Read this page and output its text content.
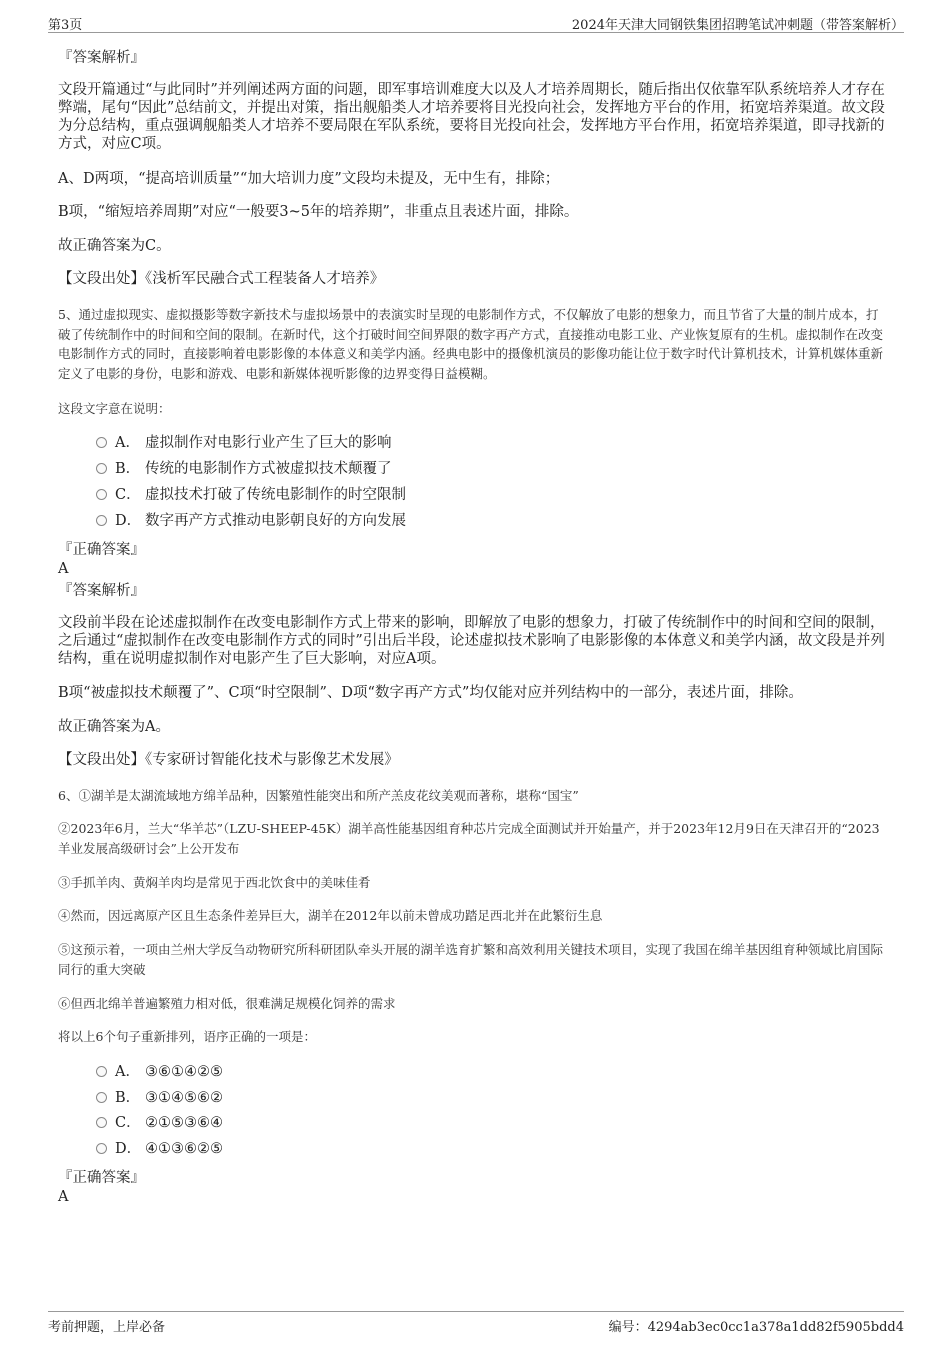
第3页	2024年天津大同钢铁集团招聘笔试冲刺题（带答案解析）
『答案解析』
文段开篇通过“与此同时”并列阐述两方面的问题，即军事培训难度大以及人才培养周期长，随后指出仅依靠军队系统培养人才存在弊端，尾句“因此”总结前文，并提出对策，指出舰船类人才培养要将目光投向社会，发挥地方平台的作用，拓宽培养渠道。故文段为分总结构，重点强调舰船类人才培养不要局限在军队系统，要将目光投向社会，发挥地方平台作用，拓宽培养渠道，即寻找新的方式，对应C项。
A、D两项，“提高培训质量”“加大培训力度”文段均未提及，无中生有，排除；
B项，“缩短培养周期”对应“一般要3~5年的培养期”，非重点且表述片面，排除。
故正确答案为C。
【文段出处】《浅析军民融合式工程装备人才培养》
5、通过虚拟现实、虚拟摄影等数字新技术与虚拟场景中的表演实时呈现的电影制作方式，不仅解放了电影的想象力，而且节省了大量的制片成本，打破了传统制作中的时间和空间的限制。在新时代，这个打破时间空间界限的数字再产方式，直接推动电影工业、产业恢复原有的生机。虚拟制作在改变电影制作方式的同时，直接影响着电影影像的本体意义和美学内涵。经典电影中的摄像机演员的影像功能让位于数字时代计算机技术，计算机媒体重新定义了电影的身份，电影和游戏、电影和新媒体视听影像的边界变得日益模糊。
这段文字意在说明：
A． 虚拟制作对电影行业产生了巨大的影响
B． 传统的电影制作方式被虚拟技术颠覆了
C． 虚拟技术打破了传统电影制作的时空限制
D． 数字再产方式推动电影朝良好的方向发展
『正确答案』
A
『答案解析』
文段前半段在论述虚拟制作在改变电影制作方式上带来的影响，即解放了电影的想象力，打破了传统制作中的时间和空间的限制，之后通过“虚拟制作在改变电影制作方式的同时”引出后半段，论述虚拟技术影响了电影影像的本体意义和美学内涵，故文段是并列结构，重在说明虚拟制作对电影产生了巨大影响，对应A项。
B项“被虚拟技术颠覆了”、C项“时空限制”、D项“数字再产方式”均仅能对应并列结构中的一部分，表述片面，排除。
故正确答案为A。
【文段出处】《专家研讨智能化技术与影像艺术发展》
6、①湖羊是太湖流域地方绵羊品种，因繁殖性能突出和所产羔皮花纹美观而著称，堪称“国宝”
②2023年6月，兰大“华羊芯”（LZU-SHEEP-45K）湖羊高性能基因组育种芯片完成全面测试并开始量产，并于2023年12月9日在天津召开的“2023羊业发展高级研讨会”上公开发布
③手抓羊肉、黄焖羊肉均是常见于西北饮食中的美味佳肴
④然而，因远离原产区且生态条件差异巨大，湖羊在2012年以前未曾成功踏足西北并在此繁衍生息
⑤这预示着，一项由兰州大学反刍动物研究所科研团队牵头开展的湖羊选育扩繁和高效利用关键技术项目，实现了我国在绵羊基因组育种领域比肩国际同行的重大突破
⑥但西北绵羊普遍繁殖力相对低，很难满足规模化饲养的需求
将以上6个句子重新排列，语序正确的一项是：
A． ③⑥①④②⑤
B． ③①④⑤⑥②
C． ②①⑤③⑥④
D． ④①③⑥②⑤
『正确答案』
A
考前押题，上岸必备	编号：4294ab3ec0cc1a378a1dd82f5905bdd4
